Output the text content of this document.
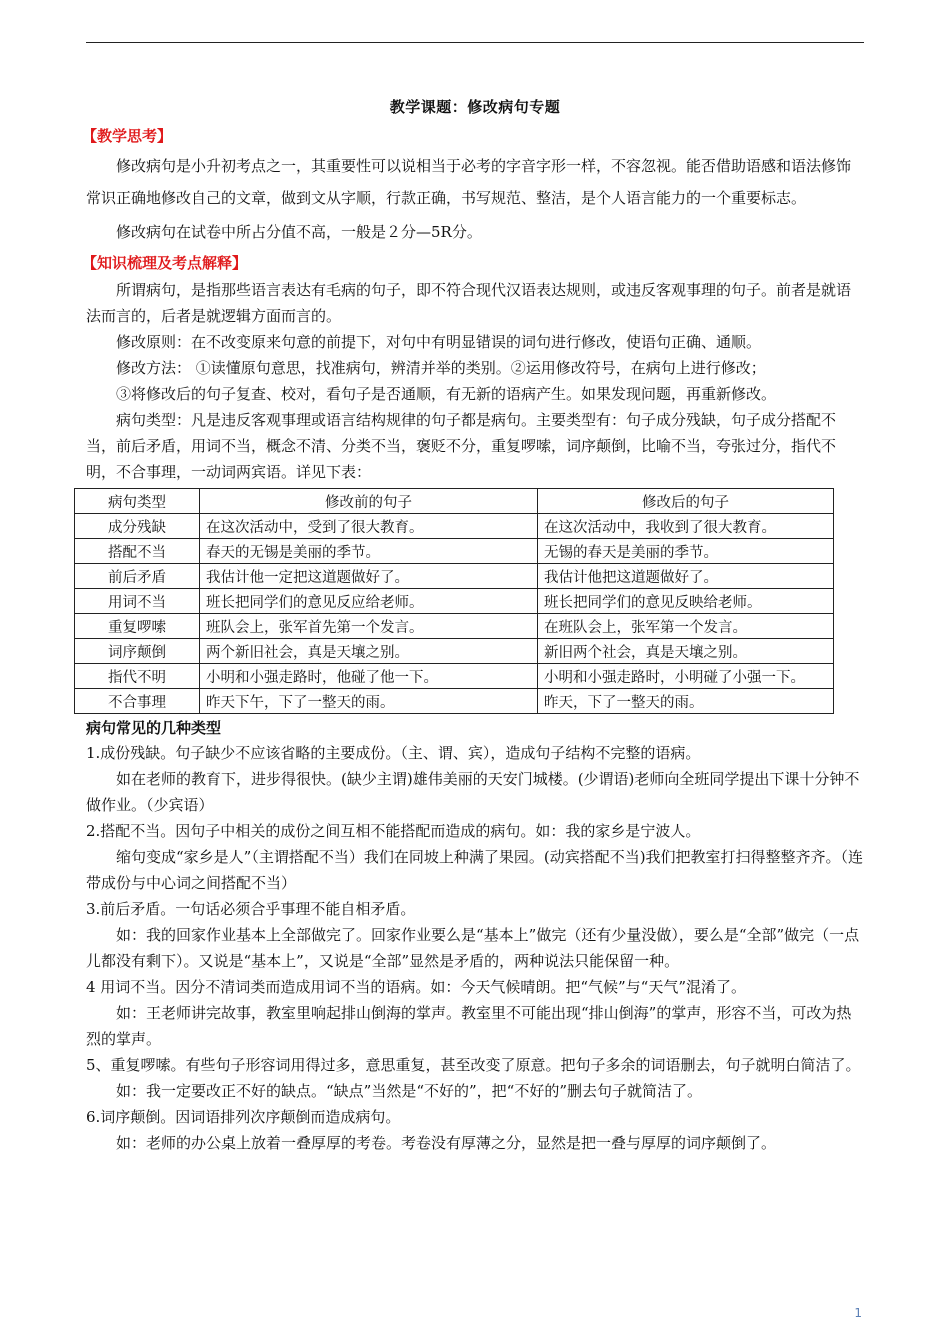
教学课题：修改病句专题
【教学思考】

修改病句是小升初考点之一，其重要性可以说相当于必考的字音字形一样，不容忽视。能否借助语感和语法修饰常识正确地修改自己的文章，做到文从字顺，行款正确，书写规范、整洁，是个人语言能力的一个重要标志。

修改病句在试卷中所占分值不高，一般是２分—5R分。

【知识梳理及考点解释】

所谓病句，是指那些语言表达有毛病的句子，即不符合现代汉语表达规则，或违反客观事理的句子。前者是就语法而言的，后者是就逻辑方面而言的。

修改原则：在不改变原来句意的前提下，对句中有明显错误的词句进行修改，使语句正确、通顺。

修改方法： ①读懂原句意思，找准病句，辨清并举的类别。②运用修改符号，在病句上进行修改；

③将修改后的句子复查、校对，看句子是否通顺，有无新的语病产生。如果发现问题，再重新修改。

病句类型：凡是违反客观事理或语言结构规律的句子都是病句。主要类型有：句子成分残缺，句子成分搭配不当，前后矛盾，用词不当，概念不清、分类不当，褒贬不分，重复啰嗦，词序颠倒，比喻不当，夸张过分，指代不明，不合事理，一动词两宾语。详见下表：

病句类型	修改前的句子	修改后的句子
成分残缺	在这次活动中，受到了很大教育。	在这次活动中，我收到了很大教育。
搭配不当	春天的无锡是美丽的季节。	无锡的春天是美丽的季节。
前后矛盾	我估计他一定把这道题做好了。	我估计他把这道题做好了。
用词不当	班长把同学们的意见反应给老师。	班长把同学们的意见反映给老师。
重复啰嗦	班队会上，张军首先第一个发言。	在班队会上，张军第一个发言。
词序颠倒	两个新旧社会，真是天壤之别。	新旧两个社会，真是天壤之别。
指代不明	小明和小强走路时，他碰了他一下。	小明和小强走路时，小明碰了小强一下。
不合事理	昨天下午，下了一整天的雨。	昨天，下了一整天的雨。
病句常见的几种类型

1.成份残缺。句子缺少不应该省略的主要成份。（主、谓、宾），造成句子结构不完整的语病。

如在老师的教育下，进步得很快。(缺少主谓)雄伟美丽的天安门城楼。(少谓语)老师向全班同学提出下课十分钟不做作业。（少宾语）

2.搭配不当。因句子中相关的成份之间互相不能搭配而造成的病句。如：我的家乡是宁波人。

缩句变成“家乡是人”（主谓搭配不当）我们在同坡上种满了果园。(动宾搭配不当)我们把教室打扫得整整齐齐。（连带成份与中心词之间搭配不当）

3.前后矛盾。一句话必须合乎事理不能自相矛盾。

如：我的回家作业基本上全部做完了。回家作业要么是“基本上”做完（还有少量没做），要么是“全部”做完（一点儿都没有剩下）。又说是“基本上”，又说是“全部”显然是矛盾的，两种说法只能保留一种。

4 用词不当。因分不清词类而造成用词不当的语病。如：今天气候晴朗。把“气候”与“天气”混淆了。

如：王老师讲完故事，教室里响起排山倒海的掌声。教室里不可能出现“排山倒海”的掌声，形容不当，可改为热烈的掌声。

5、重复啰嗦。有些句子形容词用得过多，意思重复，甚至改变了原意。把句子多余的词语删去，句子就明白简洁了。

如：我一定要改正不好的缺点。“缺点”当然是“不好的”，把“不好的”删去句子就简洁了。

6.词序颠倒。因词语排列次序颠倒而造成病句。

如：老师的办公桌上放着一叠厚厚的考卷。考卷没有厚薄之分，显然是把一叠与厚厚的词序颠倒了。

1
